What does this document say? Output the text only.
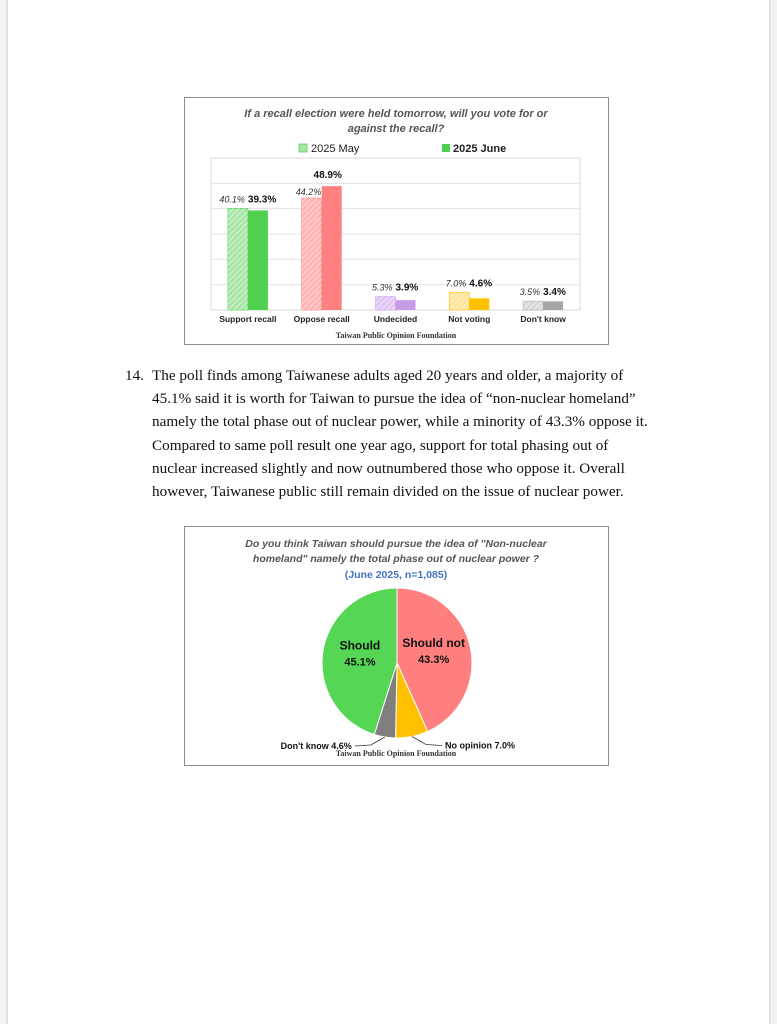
If a recall election were held tomorrow, will you vote for or
against the recall?
2025 May	2025 June
40.1% 39.3%
Support recall
44.2%
48.9%
Oppose recall
5.3% 3.9%
Undecided
7.0% 4.6%
Not voting
3.5% 3.4%
Don't know
Taiwan Public Opinion Foundation
14. The poll finds among Taiwanese adults aged 20 years and older, a majority of
45.1% said it is worth for Taiwan to pursue the idea of “non-nuclear homeland”
namely the total phase out of nuclear power, while a minority of 43.3% oppose it.
Compared to same poll result one year ago, support for total phasing out of
nuclear increased slightly and now outnumbered those who oppose it. Overall
however, Taiwanese public still remain divided on the issue of nuclear power.
Do you think Taiwan should pursue the idea of "Non-nuclear
homeland" namely the total phase out of nuclear power ?
(June 2025, n=1,085)
Should not
43.3%
Should
45.1%
No opinion 7.0%
Don't know 4.6%
Taiwan Public Opinion Foundation
